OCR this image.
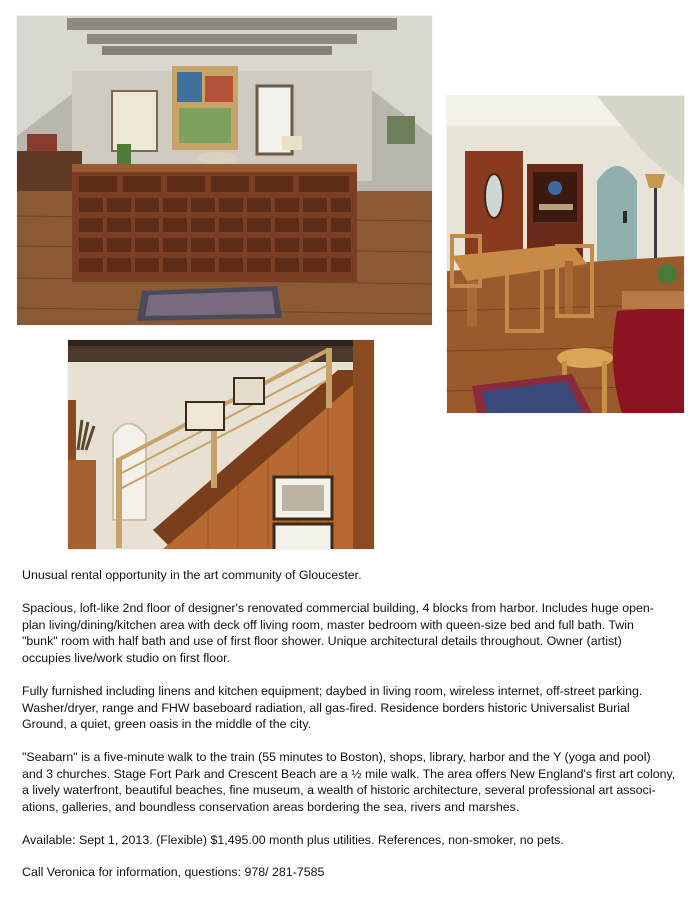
Unusual rental opportunity in the art community of Gloucester.

Spacious, loft-like 2nd floor of designer's renovated commercial building, 4 blocks from harbor. Includes huge open-

plan living/dining/kitchen area with deck off living room, master bedroom with queen-size bed and full bath. Twin

"bunk" room with half bath and use of first floor shower. Unique architectural details throughout. Owner (artist)

occupies live/work studio on first floor.

Fully furnished including linens and kitchen equipment; daybed in living room, wireless internet, off-street parking.

Washer/dryer, range and FHW baseboard radiation, all gas-fired. Residence borders historic Universalist Burial

Ground, a quiet, green oasis in the middle of the city.

"Seabarn" is a five-minute walk to the train (55 minutes to Boston), shops, library, harbor and the Y (yoga and pool)

and 3 churches. Stage Fort Park and Crescent Beach are a ½ mile walk. The area offers New England's first art colony,

a lively waterfront, beautiful beaches, fine museum, a wealth of historic architecture, several professional art associ-

ations, galleries, and boundless conservation areas bordering the sea, rivers and marshes.

Available: Sept 1, 2013. (Flexible) $1,495.00 month plus utilities. References, non-smoker, no pets.

Call Veronica for information, questions: 978/ 281-7585
